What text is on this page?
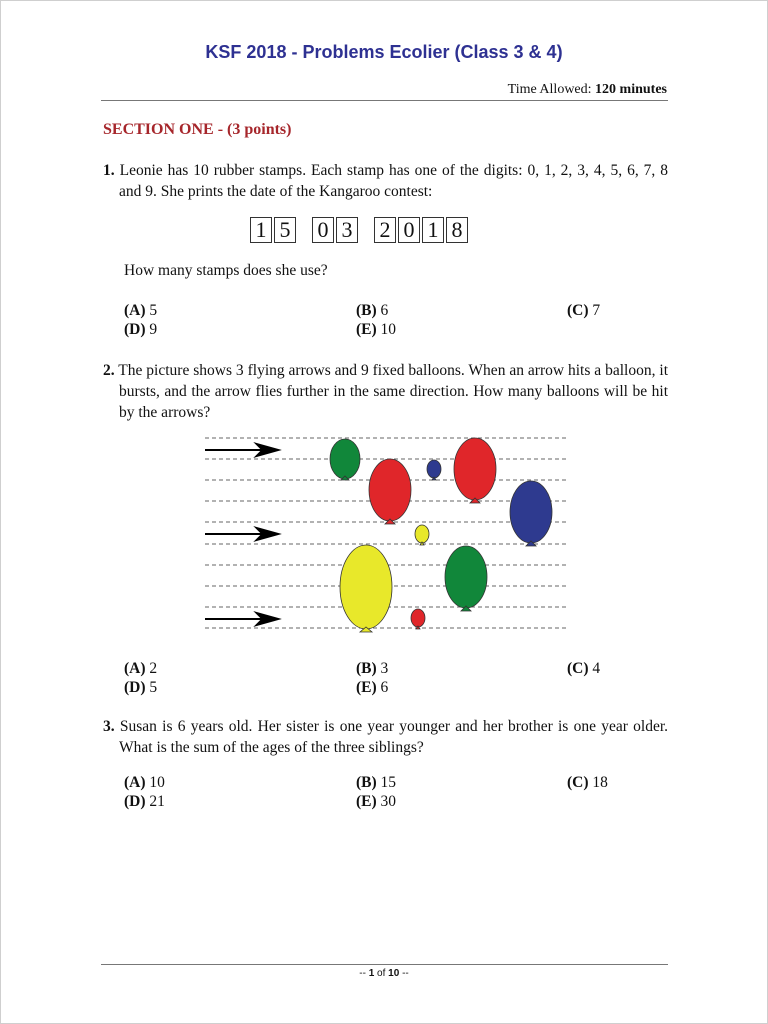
KSF 2018 - Problems Ecolier (Class 3 & 4)
Time Allowed: 120 minutes
SECTION ONE - (3 points)
1. Leonie has 10 rubber stamps. Each stamp has one of the digits: 0, 1, 2, 3, 4, 5, 6, 7, 8 and 9. She prints the date of the Kangaroo contest:
1 5 0 3 2 0 1 8
How many stamps does she use?
(A) 5	(B) 6	(C) 7
(D) 9	(E) 10
2. The picture shows 3 flying arrows and 9 fixed balloons. When an arrow hits a balloon, it bursts, and the arrow flies further in the same direction. How many balloons will be hit by the arrows?
(A) 2	(B) 3	(C) 4
(D) 5	(E) 6
3. Susan is 6 years old. Her sister is one year younger and her brother is one year older. What is the sum of the ages of the three siblings?
(A) 10	(B) 15	(C) 18
(D) 21	(E) 30
-- 1 of 10 --
